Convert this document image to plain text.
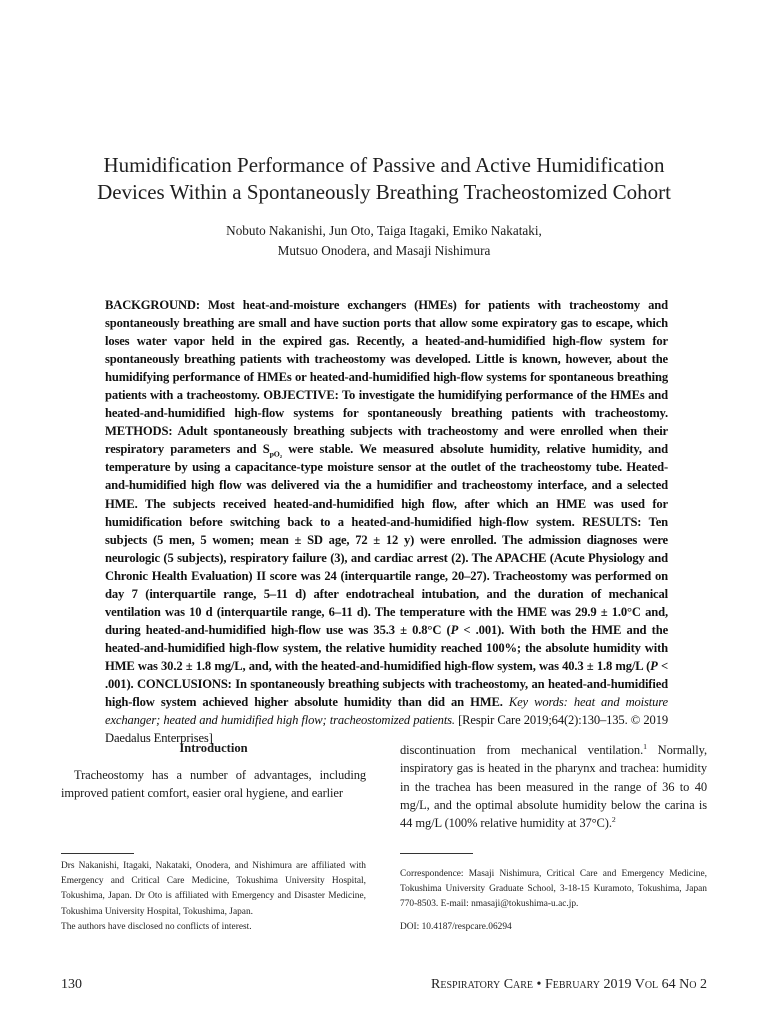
Humidification Performance of Passive and Active Humidification
Devices Within a Spontaneously Breathing Tracheostomized Cohort
Nobuto Nakanishi, Jun Oto, Taiga Itagaki, Emiko Nakataki,
Mutsuo Onodera, and Masaji Nishimura
BACKGROUND: Most heat-and-moisture exchangers (HMEs) for patients with tracheostomy and spontaneously breathing are small and have suction ports that allow some expiratory gas to escape, which loses water vapor held in the expired gas. Recently, a heated-and-humidified high-flow system for spontaneously breathing patients with tracheostomy was developed. Little is known, however, about the humidifying performance of HMEs or heated-and-humidified high-flow systems for spontaneous breathing patients with a tracheostomy. OBJECTIVE: To investigate the humidifying performance of the HMEs and heated-and-humidified high-flow systems for spontaneously breathing patients with tracheostomy. METHODS: Adult spontaneously breathing subjects with tracheostomy and were enrolled when their respiratory parameters and $S_{pO_2}$ were stable. We measured absolute humidity, relative humidity, and temperature by using a capacitance-type moisture sensor at the outlet of the tracheostomy tube. Heated-and-humidified high flow was delivered via the a humidifier and tracheostomy interface, and a selected HME. The subjects received heated-and-humidified high flow, after which an HME was used for humidification before switching back to a heated-and-humidified high-flow system. RESULTS: Ten subjects (5 men, 5 women; mean ± SD age, 72 ± 12 y) were enrolled. The admission diagnoses were neurologic (5 subjects), respiratory failure (3), and cardiac arrest (2). The APACHE (Acute Physiology and Chronic Health Evaluation) II score was 24 (interquartile range, 20–27). Tracheostomy was performed on day 7 (interquartile range, 5–11 d) after endotracheal intubation, and the duration of mechanical ventilation was 10 d (interquartile range, 6–11 d). The temperature with the HME was 29.9 ± 1.0°C and, during heated-and-humidified high-flow use was 35.3 ± 0.8°C (P < .001). With both the HME and the heated-and-humidified high-flow system, the relative humidity reached 100%; the absolute humidity with HME was 30.2 ± 1.8 mg/L, and, with the heated-and-humidified high-flow system, was 40.3 ± 1.8 mg/L (P < .001). CONCLUSIONS: In spontaneously breathing subjects with tracheostomy, an heated-and-humidified high-flow system achieved higher absolute humidity than did an HME. Key words: heat and moisture exchanger; heated and humidified high flow; tracheostomized patients. [Respir Care 2019;64(2):130–135. © 2019 Daedalus Enterprises]
Introduction
Tracheostomy has a number of advantages, including improved patient comfort, easier oral hygiene, and earlier
discontinuation from mechanical ventilation.$^1$ Normally, inspiratory gas is heated in the pharynx and trachea: humidity in the trachea has been measured in the range of 36 to 40 mg/L, and the optimal absolute humidity below the carina is 44 mg/L (100% relative humidity at 37°C).$^2$
Drs Nakanishi, Itagaki, Nakataki, Onodera, and Nishimura are affiliated with Emergency and Critical Care Medicine, Tokushima University Hospital, Tokushima, Japan. Dr Oto is affiliated with Emergency and Disaster Medicine, Tokushima University Hospital, Tokushima, Japan.
The authors have disclosed no conflicts of interest.
Correspondence: Masaji Nishimura, Critical Care and Emergency Medicine, Tokushima University Graduate School, 3-18-15 Kuramoto, Tokushima, Japan 770-8503. E-mail: nmasaji@tokushima-u.ac.jp.
DOI: 10.4187/respcare.06294
130	Respiratory Care • February 2019 Vol 64 No 2
